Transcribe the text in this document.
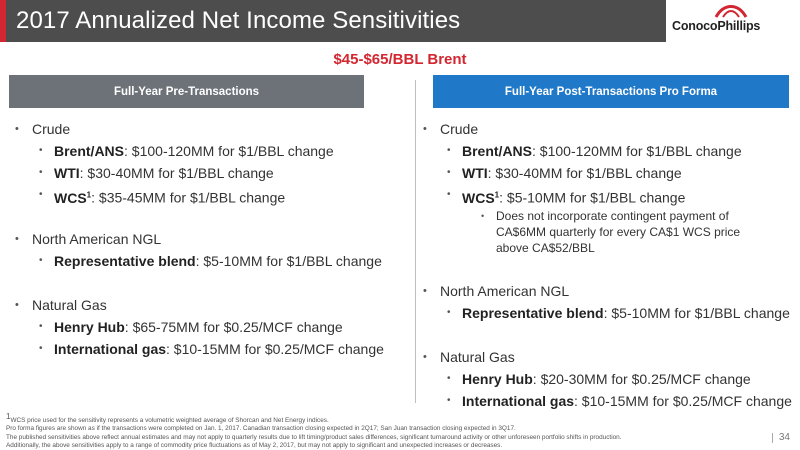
2017 Annualized Net Income Sensitivities	ConocoPhillips
$45-$65/BBL Brent
Full-Year Pre-Transactions	Full-Year Post-Transactions Pro Forma
• Crude
• Brent/ANS: $100-120MM for $1/BBL change
• WTI: $30-40MM for $1/BBL change
• WCS$^1$: $35-45MM for $1/BBL change
• North American NGL
• Representative blend: $5-10MM for $1/BBL change
• Natural Gas
• Henry Hub: $65-75MM for $0.25/MCF change
• International gas: $10-15MM for $0.25/MCF change
• Crude
• Brent/ANS: $100-120MM for $1/BBL change
• WTI: $30-40MM for $1/BBL change
• WCS$^1$: $5-10MM for $1/BBL change
• Does not incorporate contingent payment of CA$6MM quarterly for every CA$1 WCS price above CA$52/BBL
• North American NGL
• Representative blend: $5-10MM for $1/BBL change
• Natural Gas
• Henry Hub: $20-30MM for $0.25/MCF change
• International gas: $10-15MM for $0.25/MCF change
$^1$WCS price used for the sensitivity represents a volumetric weighted average of Shorcan and Net Energy indices.
Pro forma figures are shown as if the transactions were completed on Jan. 1, 2017. Canadian transaction closing expected in 2Q17; San Juan transaction closing expected in 3Q17.
The published sensitivities above reflect annual estimates and may not apply to quarterly results due to lift timing/product sales differences, significant turnaround activity or other unforeseen portfolio shifts in production.
Additionally, the above sensitivities apply to a range of commodity price fluctuations as of May 2, 2017, but may not apply to significant and unexpected increases or decreases.
34
